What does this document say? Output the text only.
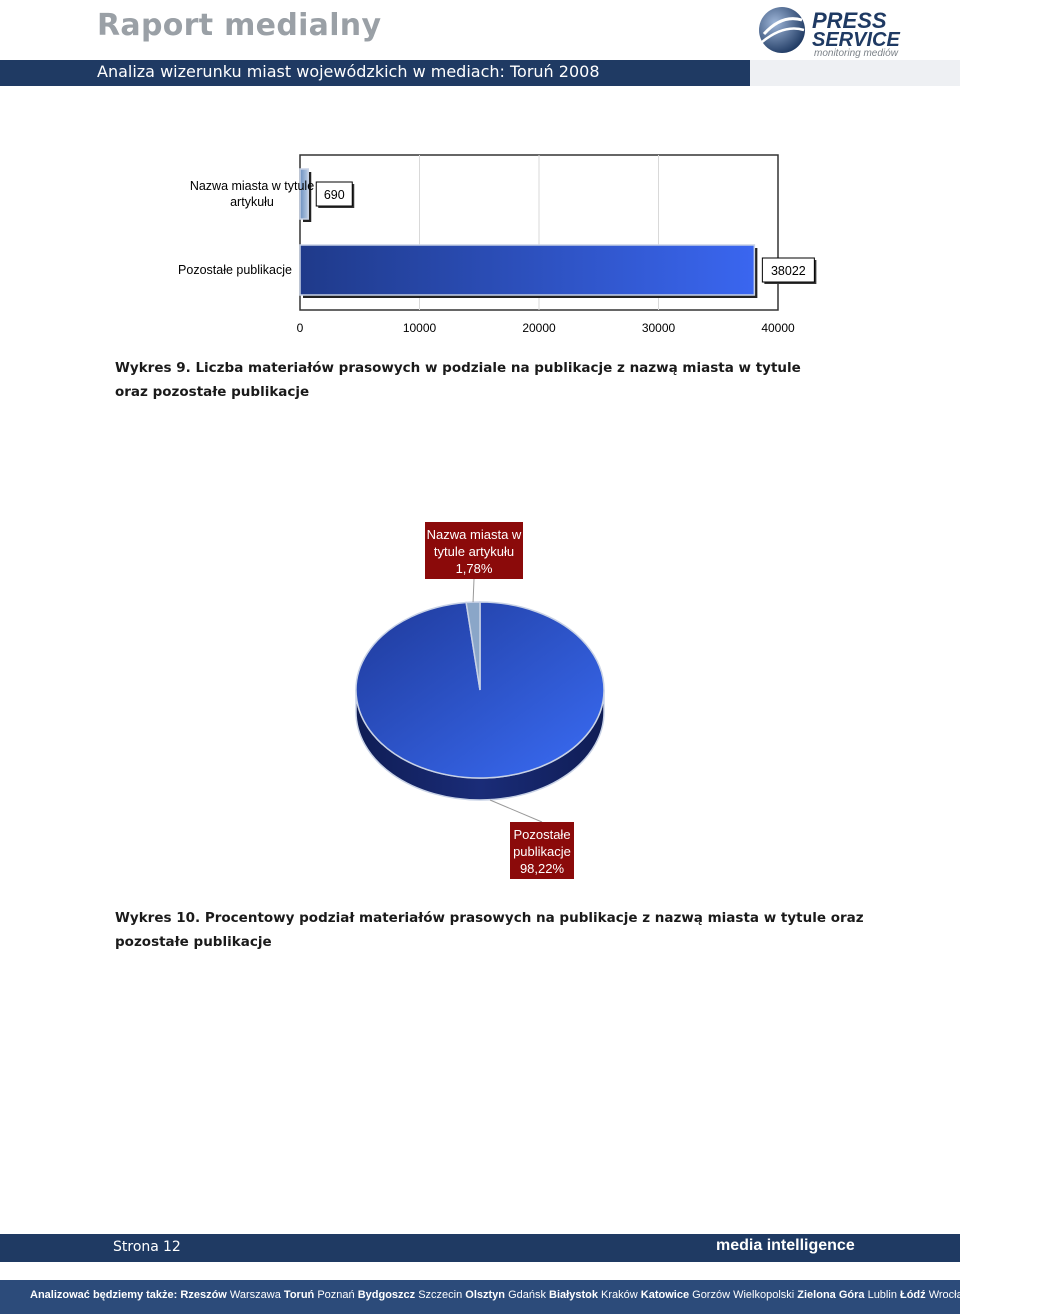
Raport medialny	PRESS
SERVICE
monitoring mediów
Analiza wizerunku miast wojewódzkich w mediach: Toruń 2008
0	10000	20000	30000	40000
Nazwa miasta w tytule artykułu	690
Pozostałe publikacje	38022
Wykres 9. Liczba materiałów prasowych w podziale na publikacje z nazwą miasta w tytule oraz pozostałe publikacje
Nazwa miasta w tytule artykułu 1,78%
Pozostałe publikacje 98,22%
Wykres 10. Procentowy podział materiałów prasowych na publikacje z nazwą miasta w tytule oraz pozostałe publikacje
Strona 12	media intelligence
Analizować będziemy także: Rzeszów Warszawa Toruń Poznań Bydgoszcz Szczecin Olsztyn Gdańsk Białystok Kraków Katowice Gorzów Wielkopolski Zielona Góra Lublin Łódź Wrocław Opole Kielce
